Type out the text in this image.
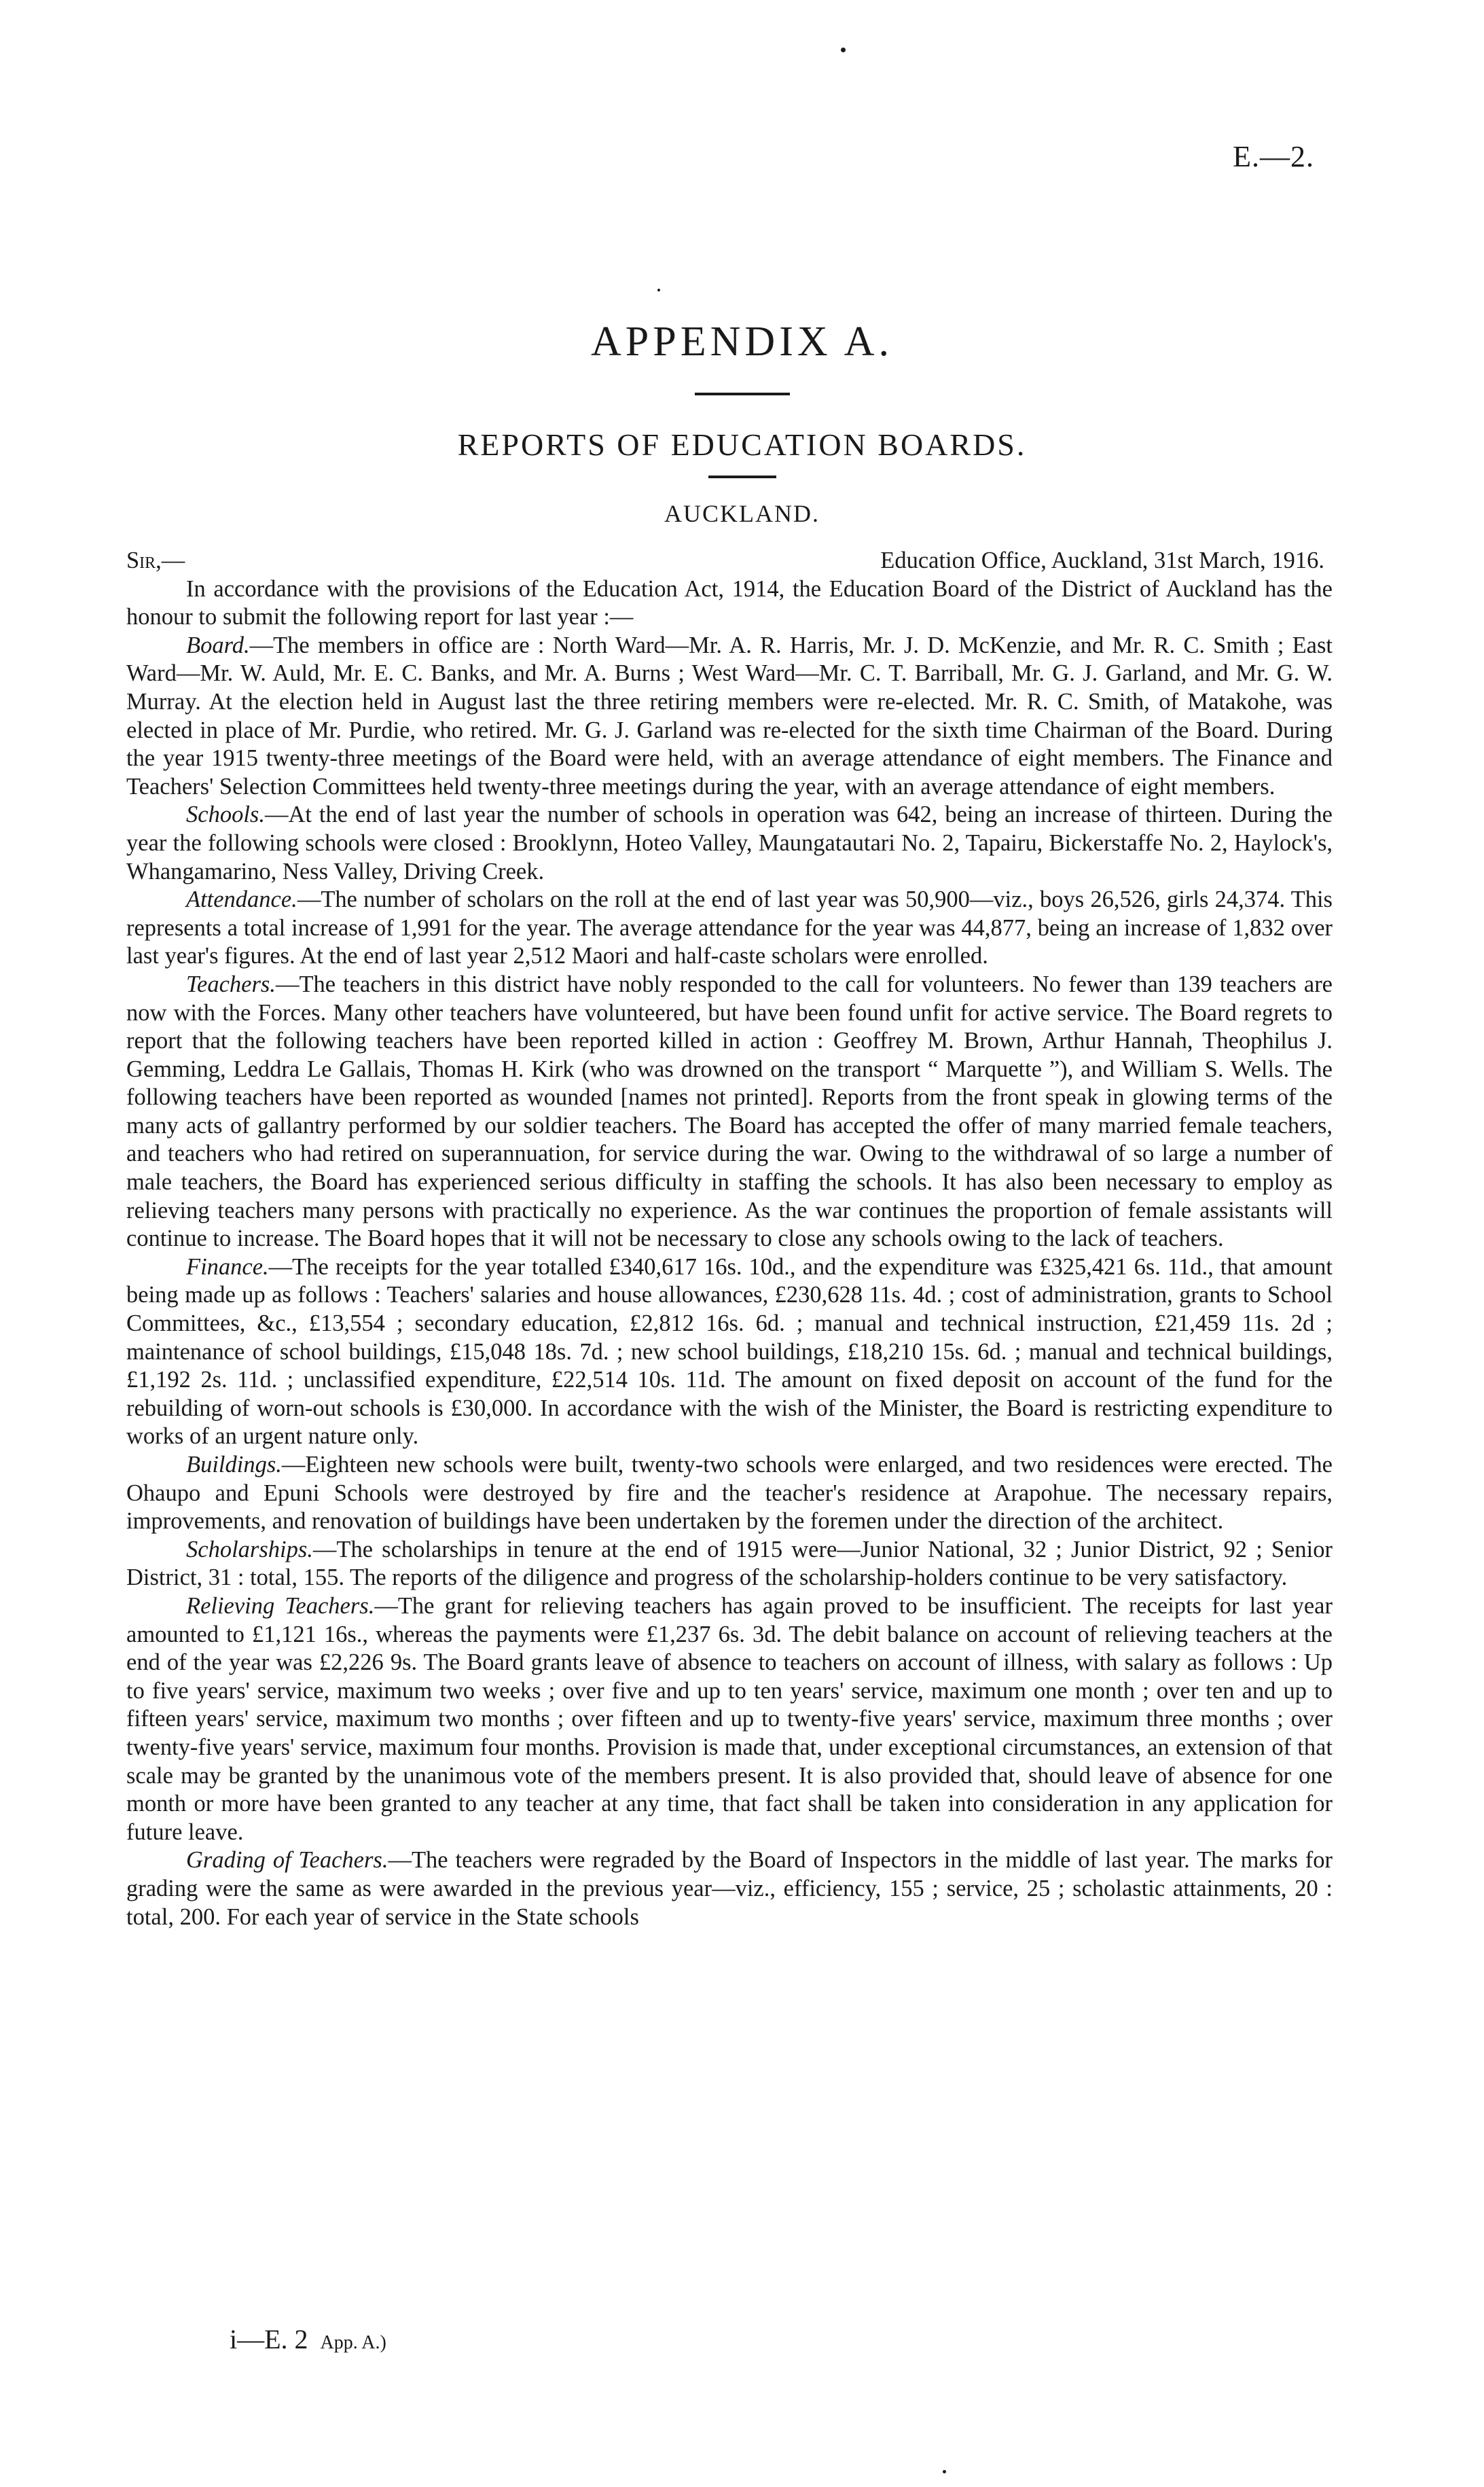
E.—2.
APPENDIX A.
REPORTS OF EDUCATION BOARDS.
AUCKLAND.
Sir,—	Education Office, Auckland, 31st March, 1916.

In accordance with the provisions of the Education Act, 1914, the Education Board of the District of Auckland has the honour to submit the following report for last year :—

Board.—The members in office are : North Ward—Mr. A. R. Harris, Mr. J. D. McKenzie, and Mr. R. C. Smith ; East Ward—Mr. W. Auld, Mr. E. C. Banks, and Mr. A. Burns ; West Ward—Mr. C. T. Barriball, Mr. G. J. Garland, and Mr. G. W. Murray. At the election held in August last the three retiring members were re-elected. Mr. R. C. Smith, of Matakohe, was elected in place of Mr. Purdie, who retired. Mr. G. J. Garland was re-elected for the sixth time Chairman of the Board. During the year 1915 twenty-three meetings of the Board were held, with an average attendance of eight members. The Finance and Teachers' Selection Committees held twenty-three meetings during the year, with an average attendance of eight members.

Schools.—At the end of last year the number of schools in operation was 642, being an increase of thirteen. During the year the following schools were closed : Brooklynn, Hoteo Valley, Maungatautari No. 2, Tapairu, Bickerstaffe No. 2, Haylock's, Whangamarino, Ness Valley, Driving Creek.

Attendance.—The number of scholars on the roll at the end of last year was 50,900—viz., boys 26,526, girls 24,374. This represents a total increase of 1,991 for the year. The average attendance for the year was 44,877, being an increase of 1,832 over last year's figures. At the end of last year 2,512 Maori and half-caste scholars were enrolled.

Teachers.—The teachers in this district have nobly responded to the call for volunteers. No fewer than 139 teachers are now with the Forces. Many other teachers have volunteered, but have been found unfit for active service. The Board regrets to report that the following teachers have been reported killed in action : Geoffrey M. Brown, Arthur Hannah, Theophilus J. Gemming, Leddra Le Gallais, Thomas H. Kirk (who was drowned on the transport “ Marquette ”), and William S. Wells. The following teachers have been reported as wounded [names not printed]. Reports from the front speak in glowing terms of the many acts of gallantry performed by our soldier teachers. The Board has accepted the offer of many married female teachers, and teachers who had retired on superannuation, for service during the war. Owing to the withdrawal of so large a number of male teachers, the Board has experienced serious difficulty in staffing the schools. It has also been necessary to employ as relieving teachers many persons with practically no experience. As the war continues the proportion of female assistants will continue to increase. The Board hopes that it will not be necessary to close any schools owing to the lack of teachers.

Finance.—The receipts for the year totalled £340,617 16s. 10d., and the expenditure was £325,421 6s. 11d., that amount being made up as follows : Teachers' salaries and house allowances, £230,628 11s. 4d. ; cost of administration, grants to School Committees, &c., £13,554 ; secondary education, £2,812 16s. 6d. ; manual and technical instruction, £21,459 11s. 2d ; maintenance of school buildings, £15,048 18s. 7d. ; new school buildings, £18,210 15s. 6d. ; manual and technical buildings, £1,192 2s. 11d. ; unclassified expenditure, £22,514 10s. 11d. The amount on fixed deposit on account of the fund for the rebuilding of worn-out schools is £30,000. In accordance with the wish of the Minister, the Board is restricting expenditure to works of an urgent nature only.

Buildings.—Eighteen new schools were built, twenty-two schools were enlarged, and two residences were erected. The Ohaupo and Epuni Schools were destroyed by fire and the teacher's residence at Arapohue. The necessary repairs, improvements, and renovation of buildings have been undertaken by the foremen under the direction of the architect.

Scholarships.—The scholarships in tenure at the end of 1915 were—Junior National, 32 ; Junior District, 92 ; Senior District, 31 : total, 155. The reports of the diligence and progress of the scholarship-holders continue to be very satisfactory.

Relieving Teachers.—The grant for relieving teachers has again proved to be insufficient. The receipts for last year amounted to £1,121 16s., whereas the payments were £1,237 6s. 3d. The debit balance on account of relieving teachers at the end of the year was £2,226 9s. The Board grants leave of absence to teachers on account of illness, with salary as follows : Up to five years' service, maximum two weeks ; over five and up to ten years' service, maximum one month ; over ten and up to fifteen years' service, maximum two months ; over fifteen and up to twenty-five years' service, maximum three months ; over twenty-five years' service, maximum four months. Provision is made that, under exceptional circumstances, an extension of that scale may be granted by the unanimous vote of the members present. It is also provided that, should leave of absence for one month or more have been granted to any teacher at any time, that fact shall be taken into consideration in any application for future leave.

Grading of Teachers.—The teachers were regraded by the Board of Inspectors in the middle of last year. The marks for grading were the same as were awarded in the previous year—viz., efficiency, 155 ; service, 25 ; scholastic attainments, 20 : total, 200. For each year of service in the State schools

i—E. 2 App. A.)
